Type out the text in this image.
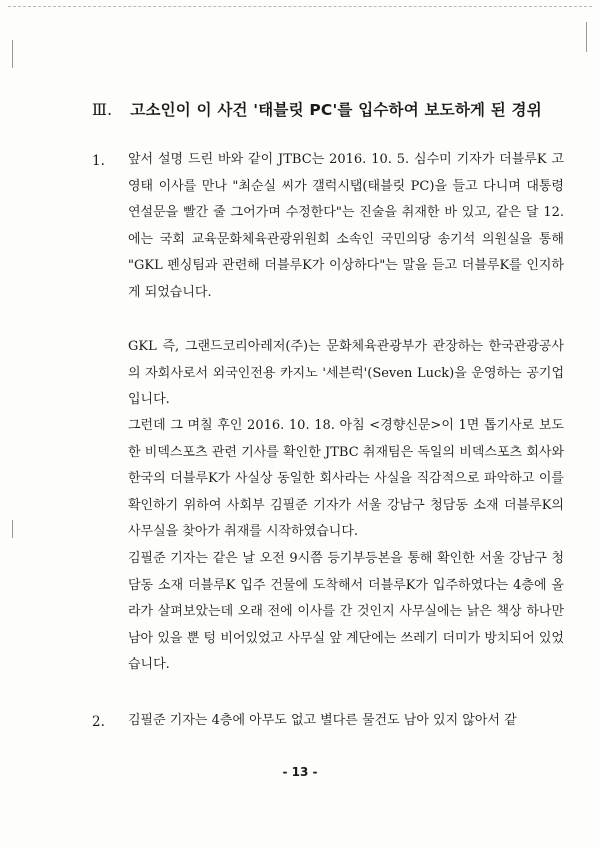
Ⅲ. 고소인이 이 사건 '태블릿 PC'를 입수하여 보도하게 된 경위
1. 앞서 설명 드린 바와 같이 JTBC는 2016. 10. 5. 심수미 기자가 더블루K 고영태 이사를 만나 "최순실 씨가 갤럭시탭(태블릿 PC)을 들고 다니며 대통령 연설문을 빨간 줄 그어가며 수정한다"는 진술을 취재한 바 있고, 같은 달 12.에는 국회 교육문화체육관광위원회 소속인 국민의당 송기석 의원실을 통해 "GKL 펜싱팀과 관련해 더블루K가 이상하다"는 말을 듣고 더블루K를 인지하게 되었습니다.

GKL 즉, 그랜드코리아레저(주)는 문화체육관광부가 관장하는 한국관광공사의 자회사로서 외국인전용 카지노 '세븐럭'(Seven Luck)을 운영하는 공기업입니다.

그런데 그 며칠 후인 2016. 10. 18. 아침 <경향신문>이 1면 톱기사로 보도한 비덱스포츠 관련 기사를 확인한 JTBC 취재팀은 독일의 비덱스포츠 회사와 한국의 더블루K가 사실상 동일한 회사라는 사실을 직감적으로 파악하고 이를 확인하기 위하여 사회부 김필준 기자가 서울 강남구 청담동 소재 더블루K의 사무실을 찾아가 취재를 시작하였습니다.

김필준 기자는 같은 날 오전 9시쯤 등기부등본을 통해 확인한 서울 강남구 청담동 소재 더블루K 입주 건물에 도착해서 더블루K가 입주하였다는 4층에 올라가 살펴보았는데 오래 전에 이사를 간 것인지 사무실에는 낡은 책상 하나만 남아 있을 뿐 텅 비어있었고 사무실 앞 계단에는 쓰레기 더미가 방치되어 있었습니다.

2. 김필준 기자는 4층에 아무도 없고 별다른 물건도 남아 있지 않아서 같

- 13 -
